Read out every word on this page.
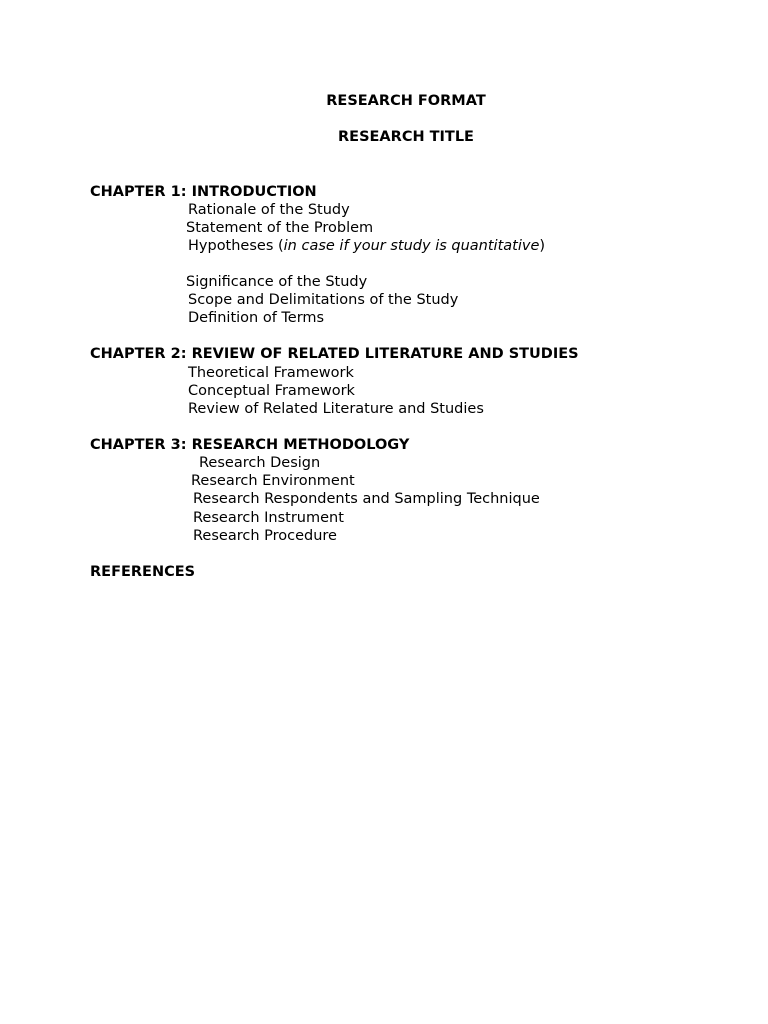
RESEARCH FORMAT
RESEARCH TITLE
CHAPTER 1: INTRODUCTION
Rationale of the Study
Statement of the Problem
Hypotheses (in case if your study is quantitative)
Significance of the Study
Scope and Delimitations of the Study
Definition of Terms
CHAPTER 2: REVIEW OF RELATED LITERATURE AND STUDIES
Theoretical Framework
Conceptual Framework
Review of Related Literature and Studies
CHAPTER 3: RESEARCH METHODOLOGY
Research Design
Research Environment
Research Respondents and Sampling Technique
Research Instrument
Research Procedure
REFERENCES
